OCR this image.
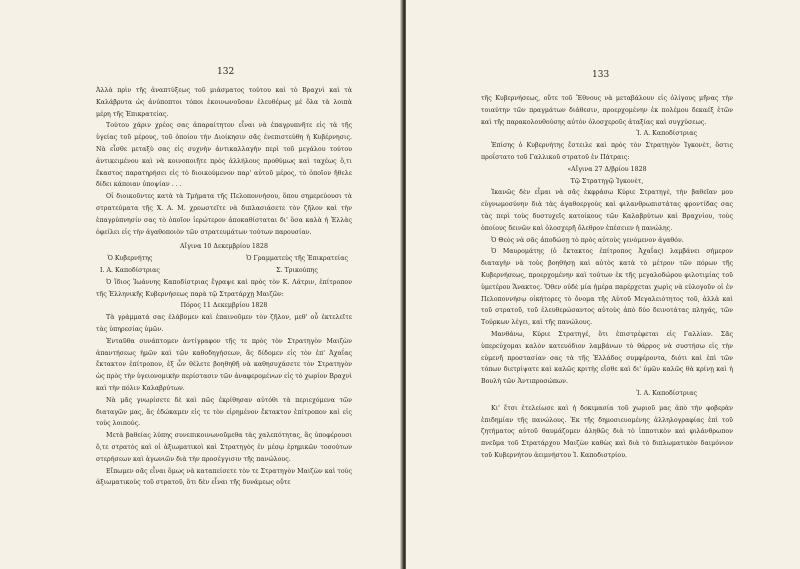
132

Ἀλλὰ πρὶν τῆς ἀναπτύξεως τοῦ μιάσματος τούτου καὶ τὸ Βραχνὶ καὶ τὰ Καλάβρυτα ὡς ἀνύποπτοι τόποι ἐκοινωνοῦσαν ἐλευθέρως μὲ ὅλα τὰ λοιπὰ μέρη τῆς Ἐπικρατείας.

Τούτου χάριν χρέος σας ἀπαραίτητον εἶναι νὰ ἐπαγρυπνῆτε εἰς τὰ τῆς ὑγείας τοῦ μέρους, τοῦ ὁποίου τὴν Διοίκησιν σᾶς ἐνεπιστεύθη ἡ Κυβέρνησις. Νὰ εἶσθε μεταξὺ σας εἰς συχνὴν ἀντικαλλαγὴν περὶ τοῦ μεγάλου τούτου ἀντικειμένου καὶ νὰ κοινοποιῆτε πρὸς ἀλλήλους προθύμως καὶ ταχέως ὅ,τι ἕκαστος παρατηρήσει εἰς τὸ διοικούμενον παρ' αὐτοῦ μέρος, τὸ ὁποῖον ἤθελε δίδει κάποιαν ὑποψίαν . . .

Οἱ διοικοῦντες κατὰ τὰ Τμήματα τῆς Πελοποννήσου, ὅπου σημερεύουσι τὰ στρατεύματα τῆς Χ. Α. Μ. χρεωστεῖτε νὰ διπλασιάσετε τὸν ζῆλον καὶ τὴν ἐπαγρύπνησίν σας τὸ ὁποῖον ἱερώτερον ἀποκαθίσταται δι' ὅσα καλὰ ἡ Ἑλλὰς ὀφείλει εἰς τὴν ἀγαθοποιὸν τῶν στρατευμάτων τούτων παρουσίαν.

Αἴγινα 10 Δεκεμβρίου 1828

Ὁ Κυβερνήτης
Ι. Α. Καποδίστριας
Ὁ Γραμματεὺς τῆς Ἐπικρατείας
Σ. Τρικούπης

Ὁ ἴδιος Ἰωάννης Καποδίστριας ἔγραψε καὶ πρὸς τὸν Κ. Λάτριν, ἐπίτροπον τῆς Ἑλληνικῆς Κυβερνήσεως παρὰ τῷ Στρατάρχῃ Μαιζῶν:

Πόρος 11 Δεκεμβρίου 1828

Τὰ γράμματά σας ἐλάβομεν καὶ ἐπαινοῦμεν τὸν ζῆλον, μεθ' οὗ ἐκτελεῖτε τὰς ὑπηρεσίας ὑμῶν.

Ἐνταῦθα συνάπτομεν ἀντίγραφον τῆς τε πρὸς τὸν Στρατηγὸν Μαιζὼν ἀπαντήσεως ἡμῶν καὶ τῶν καθοδηγήσεων, ἃς δίδομεν εἰς τὸν ἐπ' Ἀχαΐας ἔκτακτον ἐπίτροπον, ἐξ ὧν θέλετε βοηθηθῆ νὰ καθησυχάσετε τὸν Στρατηγὸν ὡς πρὸς τὴν ὑγειονομικὴν περίστασιν τῶν ἀναφερομένων εἰς τὸ χωρίον Βραχνὶ καὶ τὴν πόλιν Καλαβρύτων.

Νὰ μᾶς γνωρίσετε δὲ καὶ πῶς ἐκρίθησαν αὐτόθι τὰ περιεχόμενα τῶν διαταγῶν μας, ἃς ἐδώκαμεν εἰς τε τὸν εἰρημένον ἔκτακτον ἐπίτροπον καὶ εἰς τοὺς λοιπούς.

Μετὰ βαθείας λύπης συνεπικοινωνοῦμεθα τὰς χαλεπότητας, ἃς ὑποφέρουσι ὅ,τε στρατὸς καὶ οἱ ἀξιωματικοὶ καὶ Στρατηγὸς ἐν μέσῳ ἐρημικῶν τοσούτων στερήσεων καὶ ἀγωνιῶν διὰ τὴν προσέγγισιν τῆς πανώλους.

Εἴπωμεν σᾶς εἶναι ὅμως νὰ καταπείσετε τὸν τε Στρατηγὸν Μαιζὼν καὶ τοὺς ἀξιωματικοὺς τοῦ στρατοῦ, ὅτι δὲν εἶναι τῆς δυνάμεως οὔτε

133

τῆς Κυβερνήσεως, οὔτε τοῦ Ἔθνους νὰ μεταβάλουν εἰς ὀλίγους μῆνας τὴν τοιαύτην τῶν πραγμάτων διάθεσιν, προερχομένην ἐκ πολέμου δεκαέξ ἐτῶν καὶ τῆς παρακολουθούσης αὐτὸν ὁλοσχεροῦς ἀταξίας καὶ συγχύσεως.

Ἰ. Α. Καποδίστριας

Ἐπίσης ὁ Κυβερνήτης ἔστειλε καὶ πρὸς τὸν Στρατηγὸν Ἰγκονὲτ, ὅστις προΐστατο τοῦ Γαλλικοῦ στρατοῦ ἐν Πάτραις:

«Αἴγινα 27 Δ/βρίου 1828

Τῷ Στρατηγῷ Ἰγκονὲτ,

Ἱκανῶς δὲν εἶμαι νὰ σᾶς ἐκφράσω Κύριε Στρατηγὲ, τὴν βαθεῖαν μου εὐγνωμοσύνην διὰ τὰς ἀγαθοεργοὺς καὶ φιλανθρωπιστάτας φροντίδας σας τὰς περὶ τοὺς δυστυχεῖς κατοίκους τῶν Καλαβρύτων καὶ Βραχνίου, τοὺς ὁποίους δεινῶν καὶ ὁλοσχερῆ ὄλεθρον ἐπέσειεν ἡ πανώλης.

Ὁ Θεὸς νὰ σᾶς ἀποδώσῃ τὸ πρὸς αὐτοὺς γενόμενον ἀγαθόν.

Ὁ Μαυρομάτης (ὁ ἔκτακτος ἐπίτροπος Ἀχαΐας) λαμβάνει σήμερον διαταγὴν νὰ τοὺς βοηθήσῃ καὶ αὐτὸς κατὰ τὸ μέτρον τῶν πόρων τῆς Κυβερνήσεως, προερχομένην καὶ τούτων ἐκ τῆς μεγαλοδώρου φιλοτιμίας τοῦ ὑμετέρου Ἄνακτος. Ὅθεν οὐδὲ μία ἡμέρα παρέρχεται χωρὶς νὰ εὐλογοῦν οἱ ἐν Πελοποννήσῳ οἰκήτορες τὸ ὄνομα τῆς Αὐτοῦ Μεγαλειότητος τοῦ, ἀλλὰ καὶ τοῦ στρατοῦ, τοῦ ἐλευθερώσαντος αὐτοὺς ἀπὸ δύο δεινοτάτας πληγάς, τῶν Τούρκων λέγει, καὶ τῆς πανώλους.

Μανθάνω, Κύριε Στρατηγέ, ὅτι ἐπιστρέφεται εἰς Γαλλίαν. Σᾶς ὑπερεύχομαι καλὸν κατευόδιον λαμβάνων τὸ θάρρος νὰ συστήσω εἰς τὴν εὐμενῆ προστασίαν σας τὰ τῆς Ἑλλάδος συμφέροντα, διότι καὶ ἐπὶ τῶν τόπων διετρίψατε καὶ καλῶς κριτὴς εἴσθε καὶ δι' ὑμῶν καλῶς θὰ κρίνῃ καὶ ἡ Βουλὴ τῶν Ἀντιπροσώπων.

Ἰ. Α. Καποδίστριας

Κι' ἔτσι ἐτελείωσε καὶ ἡ δοκιμασία τοῦ χωριοῦ μας ἀπὸ τὴν φοβερὰν ἐπιδημίαν τῆς πανώλους. Ἐκ τῆς δημοσιευομένης ἀλληλογραφίας ἐπὶ τοῦ ζητήματος αὐτοῦ θαυμάζομεν ἀληθῶς διὰ τὸ ἱπποτικὸν καὶ φιλάνθρωπον πνεῦμα τοῦ Στρατάρχου Μαιζὼν καθὼς καὶ διὰ τὸ διπλωματικὸν δαιμόνιον τοῦ Κυβερνήτου ἀειμνήστου Ἰ. Καποδιστρίου.
